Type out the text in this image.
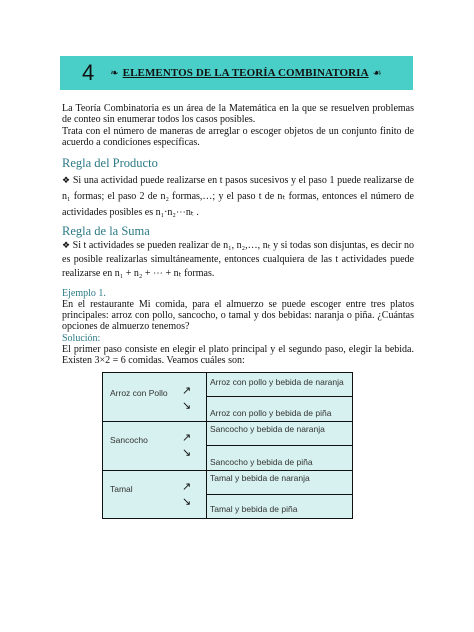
4 ❧ ELEMENTOS DE LA TEORÍA COMBINATORIA ☙
La Teoría Combinatoria es un área de la Matemática en la que se resuelven problemas de conteo sin enumerar todos los casos posibles.
Trata con el número de maneras de arreglar o escoger objetos de un conjunto finito de acuerdo a condiciones específicas.
Regla del Producto
❖ Si una actividad puede realizarse en t pasos sucesivos y el paso 1 puede realizarse de n₁ formas; el paso 2 de n₂ formas,…; y el paso t de nₜ formas, entonces el número de actividades posibles es n₁·n₂⋯nₜ .
Regla de la Suma
❖ Si t actividades se pueden realizar de n₁, n₂,…, nₜ y si todas son disjuntas, es decir no es posible realizarlas simultáneamente, entonces cualquiera de las t actividades puede realizarse en n₁ + n₂ + ⋯ + nₜ formas.
Ejemplo 1.
En el restaurante Mi comida, para el almuerzo se puede escoger entre tres platos principales: arroz con pollo, sancocho, o tamal y dos bebidas: naranja o piña. ¿Cuántas opciones de almuerzo tenemos?
Solución:
El primer paso consiste en elegir el plato principal y el segundo paso, elegir la bebida. Existen 3×2 = 6 comidas. Veamos cuáles son:
Arroz con Pollo ↗
↘
Arroz con pollo y bebida de naranja
Arroz con pollo y bebida de piña
Sancocho	↗
↘
Sancocho y bebida de naranja
Sancocho y bebida de piña
Tamal	↗
↘
Tamal y bebida de naranja
Tamal y bebida de piña
